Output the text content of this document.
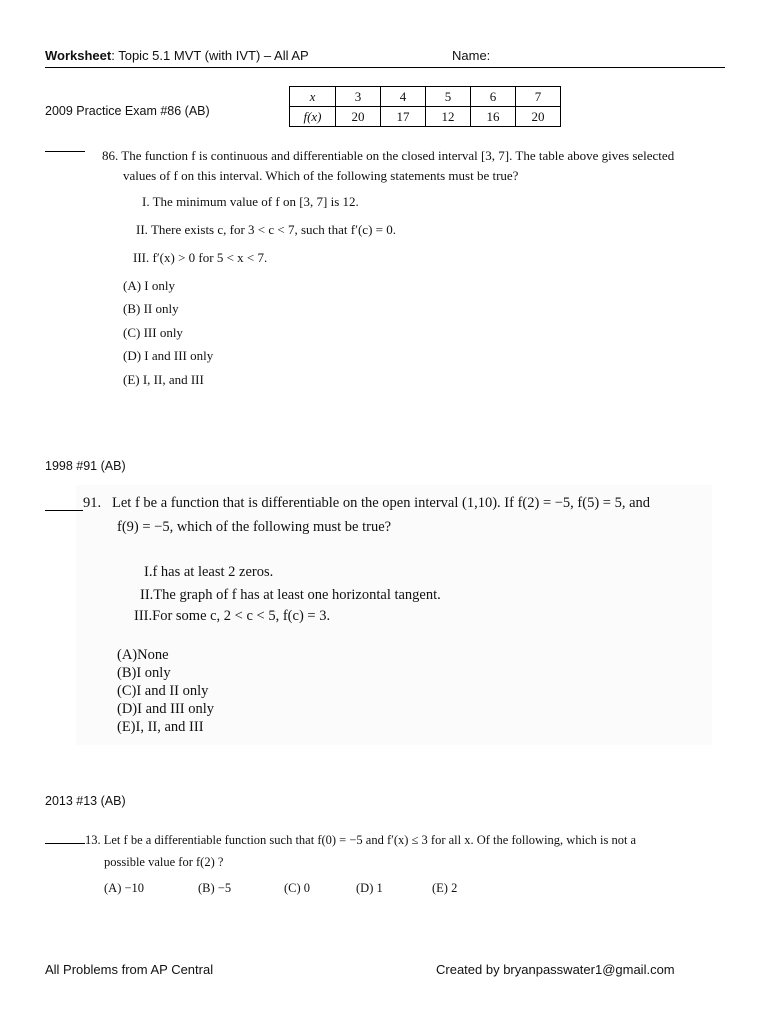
Worksheet: Topic 5.1 MVT (with IVT) – All AP	Name:
2009 Practice Exam #86 (AB)
x	3	4	5	6	7
f(x)	20	17	12	16	20
86. The function f is continuous and differentiable on the closed interval [3, 7]. The table above gives selected
values of f on this interval. Which of the following statements must be true?
I. The minimum value of f on [3, 7] is 12.
II. There exists c, for 3 < c < 7, such that f′(c) = 0.
III. f′(x) > 0 for 5 < x < 7.
(A) I only
(B) II only
(C) III only
(D) I and III only
(E) I, II, and III
1998 #91 (AB)
91. Let f be a function that is differentiable on the open interval (1,10). If f(2) = −5, f(5) = 5, and
f(9) = −5, which of the following must be true?
I.f has at least 2 zeros.
II.The graph of f has at least one horizontal tangent.
III.For some c, 2 < c < 5, f(c) = 3.
(A)None
(B)I only
(C)I and II only
(D)I and III only
(E)I, II, and III
2013 #13 (AB)
13. Let f be a differentiable function such that f(0) = −5 and f′(x) ≤ 3 for all x. Of the following, which is not a
possible value for f(2) ?
(A) −10	(B) −5	(C) 0	(D) 1	(E) 2
All Problems from AP Central	Created by bryanpasswater1@gmail.com
